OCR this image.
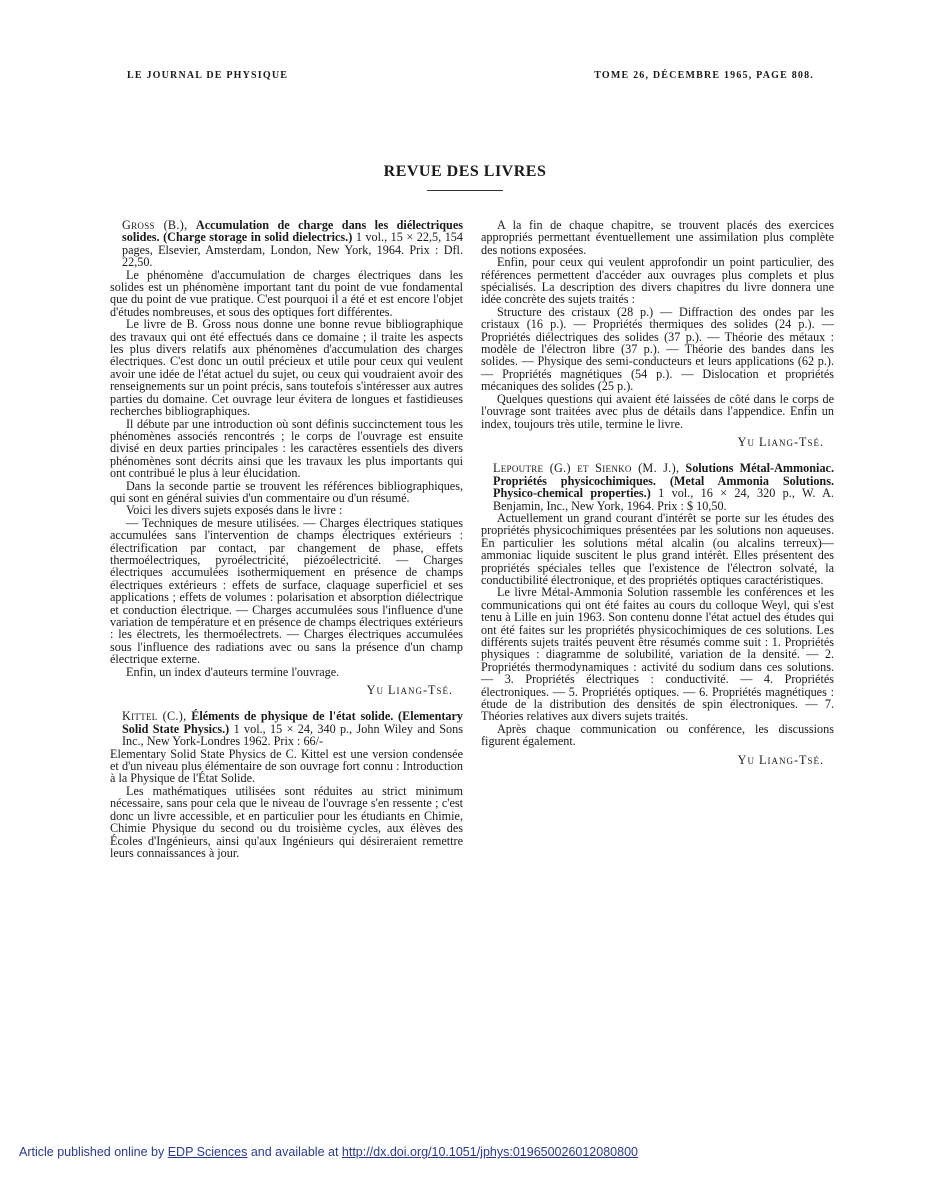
LE JOURNAL DE PHYSIQUE	TOME 26, DÉCEMBRE 1965, PAGE 808.
REVUE DES LIVRES

Gross (B.), Accumulation de charge dans les diélectriques solides. (Charge storage in solid dielectrics.) 1 vol., 15 × 22,5, 154 pages, Elsevier, Amsterdam, London, New York, 1964. Prix : Dfl. 22,50.

Le phénomène d'accumulation de charges électriques dans les solides est un phénomène important tant du point de vue fondamental que du point de vue pratique. C'est pourquoi il a été et est encore l'objet d'études nombreuses, et sous des optiques fort différentes.

Le livre de B. Gross nous donne une bonne revue bibliographique des travaux qui ont été effectués dans ce domaine ; il traite les aspects les plus divers relatifs aux phénomènes d'accumulation des charges électriques. C'est donc un outil précieux et utile pour ceux qui veulent avoir une idée de l'état actuel du sujet, ou ceux qui voudraient avoir des renseignements sur un point précis, sans toutefois s'intéresser aux autres parties du domaine. Cet ouvrage leur évitera de longues et fastidieuses recherches bibliographiques.

Il débute par une introduction où sont définis succinctement tous les phénomènes associés rencontrés ; le corps de l'ouvrage est ensuite divisé en deux parties principales : les caractères essentiels des divers phénomènes sont décrits ainsi que les travaux les plus importants qui ont contribué le plus à leur élucidation.

Dans la seconde partie se trouvent les références bibliographiques, qui sont en général suivies d'un commentaire ou d'un résumé.

Voici les divers sujets exposés dans le livre :

— Techniques de mesure utilisées. — Charges électriques statiques accumulées sans l'intervention de champs électriques extérieurs : électrification par contact, par changement de phase, effets thermoélectriques, pyroélectricité, piézoélectricité. — Charges électriques accumulées isothermiquement en présence de champs électriques extérieurs : effets de surface, claquage superficiel et ses applications ; effets de volumes : polarisation et absorption diélectrique et conduction électrique. — Charges accumulées sous l'influence d'une variation de température et en présence de champs électriques extérieurs : les électrets, les thermoélectrets. — Charges électriques accumulées sous l'influence des radiations avec ou sans la présence d'un champ électrique externe.

Enfin, un index d'auteurs termine l'ouvrage.

Yu Liang-Tsé.

Kittel (C.), Éléments de physique de l'état solide. (Elementary Solid State Physics.) 1 vol., 15 × 24, 340 p., John Wiley and Sons Inc., New York-Londres 1962. Prix : 66/-

Elementary Solid State Physics de C. Kittel est une version condensée et d'un niveau plus élémentaire de son ouvrage fort connu : Introduction à la Physique de l'État Solide.

Les mathématiques utilisées sont réduites au strict minimum nécessaire, sans pour cela que le niveau de l'ouvrage s'en ressente ; c'est donc un livre accessible, et en particulier pour les étudiants en Chimie, Chimie Physique du second ou du troisième cycles, aux élèves des Écoles d'Ingénieurs, ainsi qu'aux Ingénieurs qui désireraient remettre leurs connaissances à jour.

A la fin de chaque chapitre, se trouvent placés des exercices appropriés permettant éventuellement une assimilation plus complète des notions exposées.

Enfin, pour ceux qui veulent approfondir un point particulier, des références permettent d'accéder aux ouvrages plus complets et plus spécialisés. La description des divers chapitres du livre donnera une idée concrète des sujets traités :

Structure des cristaux (28 p.) — Diffraction des ondes par les cristaux (16 p.). — Propriétés thermiques des solides (24 p.). — Propriétés diélectriques des solides (37 p.). — Théorie des métaux : modèle de l'électron libre (37 p.). — Théorie des bandes dans les solides. — Physique des semi-conducteurs et leurs applications (62 p.). — Propriétés magnétiques (54 p.). — Dislocation et propriétés mécaniques des solides (25 p.).

Quelques questions qui avaient été laissées de côté dans le corps de l'ouvrage sont traitées avec plus de détails dans l'appendice. Enfin un index, toujours très utile, termine le livre.

Yu Liang-Tsé.

Lepoutre (G.) et Sienko (M. J.), Solutions Métal-Ammoniac. Propriétés physicochimiques. (Metal Ammonia Solutions. Physico-chemical properties.) 1 vol., 16 × 24, 320 p., W. A. Benjamin, Inc., New York, 1964. Prix : $ 10,50.

Actuellement un grand courant d'intérêt se porte sur les études des propriétés physicochimiques présentées par les solutions non aqueuses. En particulier les solutions métal alcalin (ou alcalins terreux)—ammoniac liquide suscitent le plus grand intérêt. Elles présentent des propriétés spéciales telles que l'existence de l'électron solvaté, la conductibilité électronique, et des propriétés optiques caractéristiques.

Le livre Métal-Ammonia Solution rassemble les conférences et les communications qui ont été faites au cours du colloque Weyl, qui s'est tenu à Lille en juin 1963. Son contenu donne l'état actuel des études qui ont été faites sur les propriétés physicochimiques de ces solutions. Les différents sujets traités peuvent être résumés comme suit : 1. Propriétés physiques : diagramme de solubilité, variation de la densité. — 2. Propriétés thermodynamiques : activité du sodium dans ces solutions. — 3. Propriétés électriques : conductivité. — 4. Propriétés électroniques. — 5. Propriétés optiques. — 6. Propriétés magnétiques : étude de la distribution des densités de spin électroniques. — 7. Théories relatives aux divers sujets traités.

Après chaque communication ou conférence, les discussions figurent également.

Yu Liang-Tsé.
Article published online by EDP Sciences and available at http://dx.doi.org/10.1051/jphys:019650026012080800
